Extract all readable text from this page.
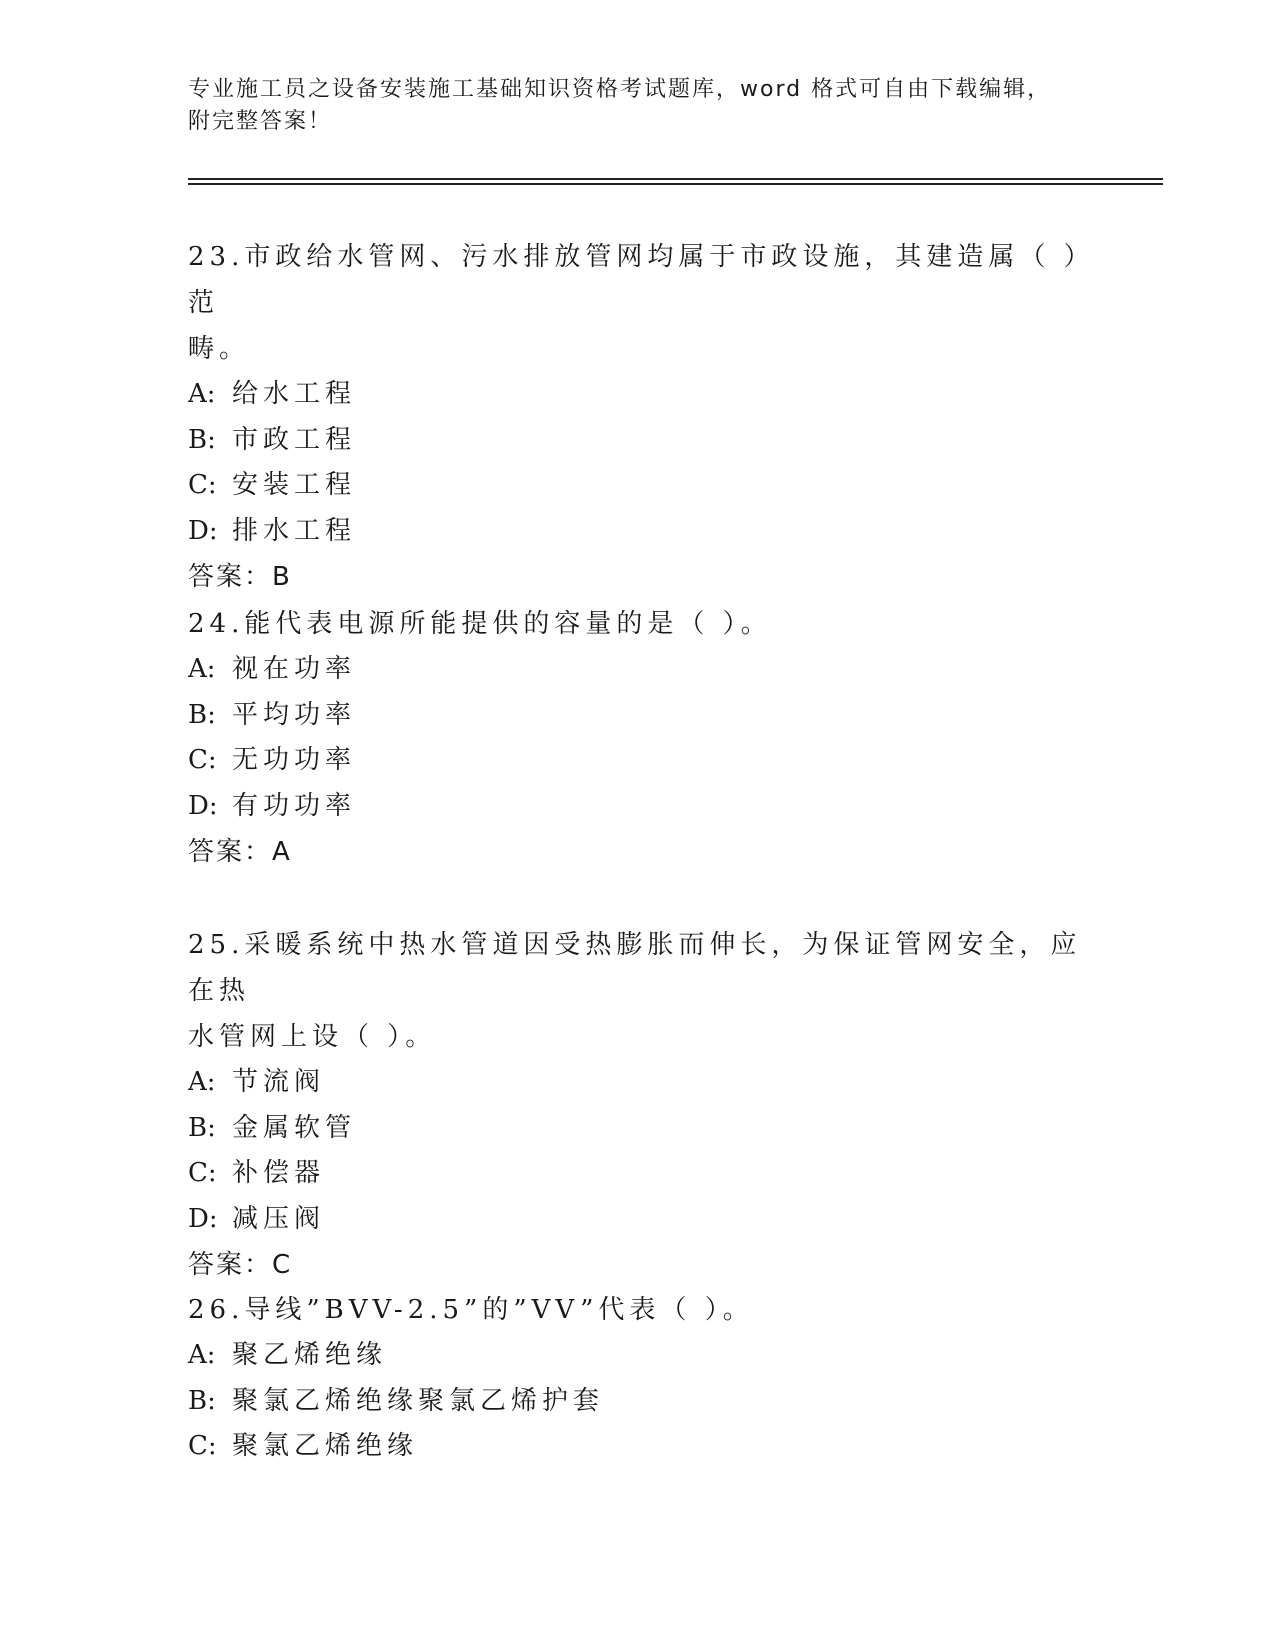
专业施工员之设备安装施工基础知识资格考试题库，word 格式可自由下载编辑，
附完整答案！

23.市政给水管网、污水排放管网均属于市政设施，其建造属（ ）范

畴。

A: 给水工程

B: 市政工程

C: 安装工程

D: 排水工程

答案：B

24.能代表电源所能提供的容量的是（ ）。

A: 视在功率

B: 平均功率

C: 无功功率

D: 有功功率

答案：A

25.采暖系统中热水管道因受热膨胀而伸长，为保证管网安全，应在热

水管网上设（ ）。

A: 节流阀

B: 金属软管

C: 补偿器

D: 减压阀

答案：C

26.导线”BVV-2.5”的”VV”代表（ ）。

A: 聚乙烯绝缘

B: 聚氯乙烯绝缘聚氯乙烯护套

C: 聚氯乙烯绝缘
